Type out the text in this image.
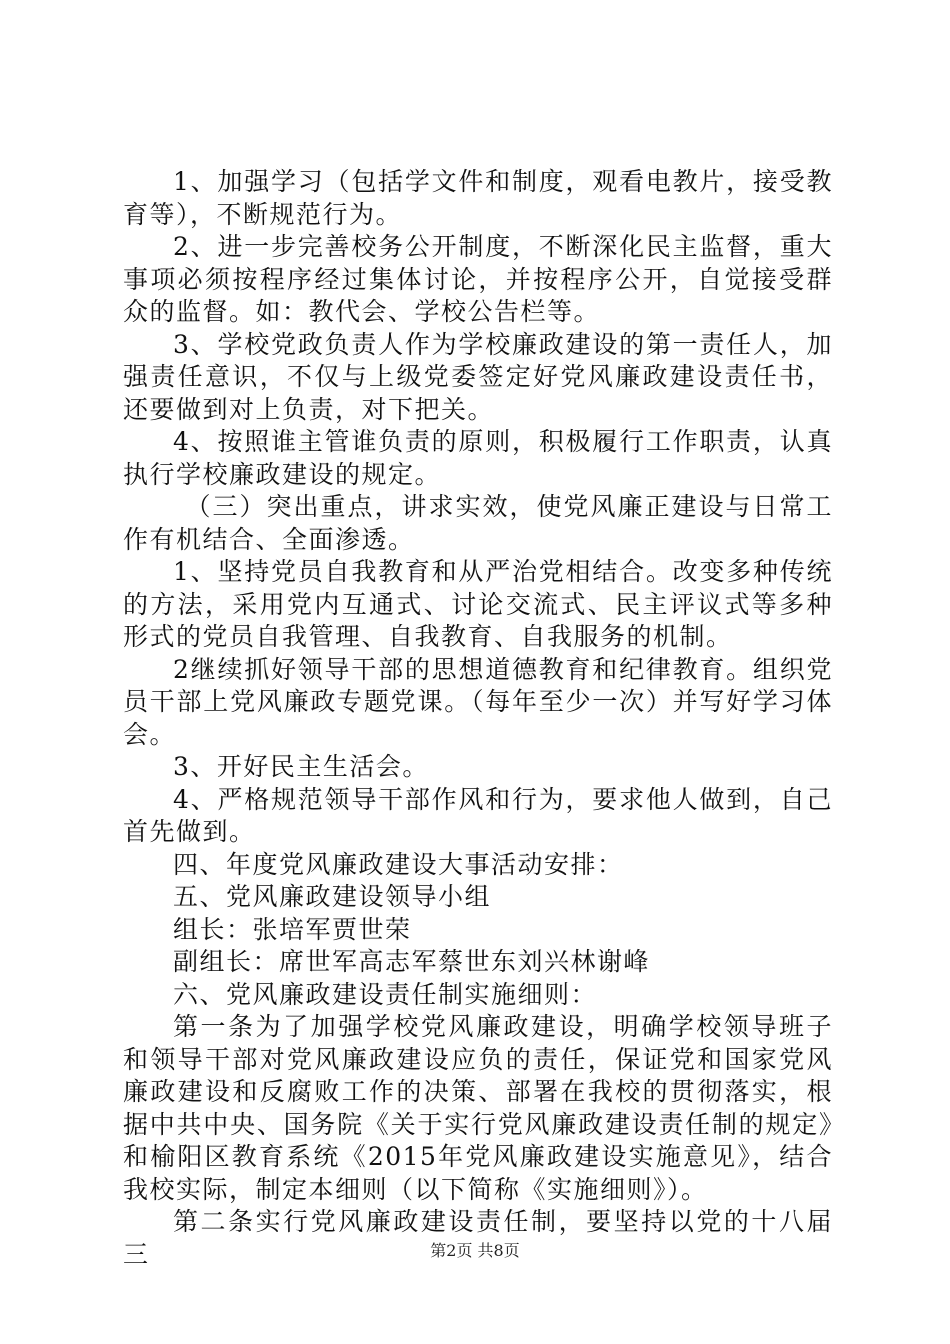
1、加强学习（包括学文件和制度，观看电教片，接受教育等），不断规范行为。

2、进一步完善校务公开制度，不断深化民主监督，重大事项必须按程序经过集体讨论，并按程序公开，自觉接受群众的监督。如：教代会、学校公告栏等。

3、学校党政负责人作为学校廉政建设的第一责任人，加强责任意识，不仅与上级党委签定好党风廉政建设责任书，还要做到对上负责，对下把关。

4、按照谁主管谁负责的原则，积极履行工作职责，认真执行学校廉政建设的规定。

（三）突出重点，讲求实效，使党风廉正建设与日常工作有机结合、全面渗透。

1、坚持党员自我教育和从严治党相结合。改变多种传统的方法，采用党内互通式、讨论交流式、民主评议式等多种形式的党员自我管理、自我教育、自我服务的机制。

2继续抓好领导干部的思想道德教育和纪律教育。组织党员干部上党风廉政专题党课。（每年至少一次）并写好学习体会。

3、开好民主生活会。

4、严格规范领导干部作风和行为，要求他人做到，自己首先做到。

四、年度党风廉政建设大事活动安排：

五、党风廉政建设领导小组

组长：张培军贾世荣

副组长：席世军高志军蔡世东刘兴林谢峰

六、党风廉政建设责任制实施细则：

第一条为了加强学校党风廉政建设，明确学校领导班子和领导干部对党风廉政建设应负的责任，保证党和国家党风廉政建设和反腐败工作的决策、部署在我校的贯彻落实，根据中共中央、国务院《关于实行党风廉政建设责任制的规定》和榆阳区教育系统《2015年党风廉政建设实施意见》，结合我校实际，制定本细则（以下简称《实施细则》）。

第二条实行党风廉政建设责任制，要坚持以党的十八届三	第2页 共8页
